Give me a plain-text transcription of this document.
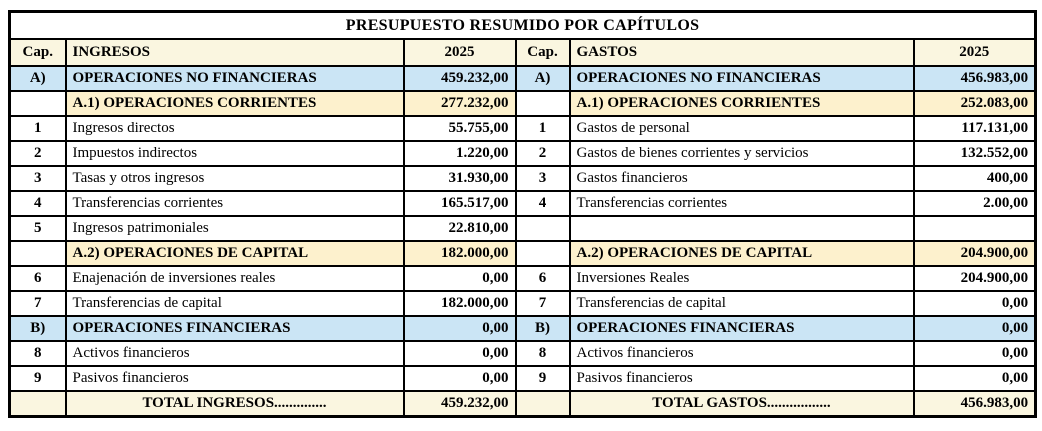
PRESUPUESTO RESUMIDO POR CAPÍTULOS					
Cap.	INGRESOS	2025	Cap.	GASTOS	2025
A)	OPERACIONES NO FINANCIERAS	459.232,00	A)	OPERACIONES NO FINANCIERAS	456.983,00
	A.1) OPERACIONES CORRIENTES	277.232,00		A.1) OPERACIONES CORRIENTES	252.083,00
1	Ingresos directos	55.755,00	1	Gastos de personal	117.131,00
2	Impuestos indirectos	1.220,00	2	Gastos de bienes corrientes y servicios	132.552,00
3	Tasas y otros ingresos	31.930,00	3	Gastos financieros	400,00
4	Transferencias corrientes	165.517,00	4	Transferencias corrientes	2.00,00
5	Ingresos patrimoniales	22.810,00			
	A.2) OPERACIONES DE CAPITAL	182.000,00		A.2) OPERACIONES DE CAPITAL	204.900,00
6	Enajenación de inversiones reales	0,00	6	Inversiones Reales	204.900,00
7	Transferencias de capital	182.000,00	7	Transferencias de capital	0,00
B)	OPERACIONES FINANCIERAS	0,00	B)	OPERACIONES FINANCIERAS	0,00
8	Activos financieros	0,00	8	Activos financieros	0,00
9	Pasivos financieros	0,00	9	Pasivos financieros	0,00
	TOTAL INGRESOS..............	459.232,00		TOTAL GASTOS.................	456.983,00
